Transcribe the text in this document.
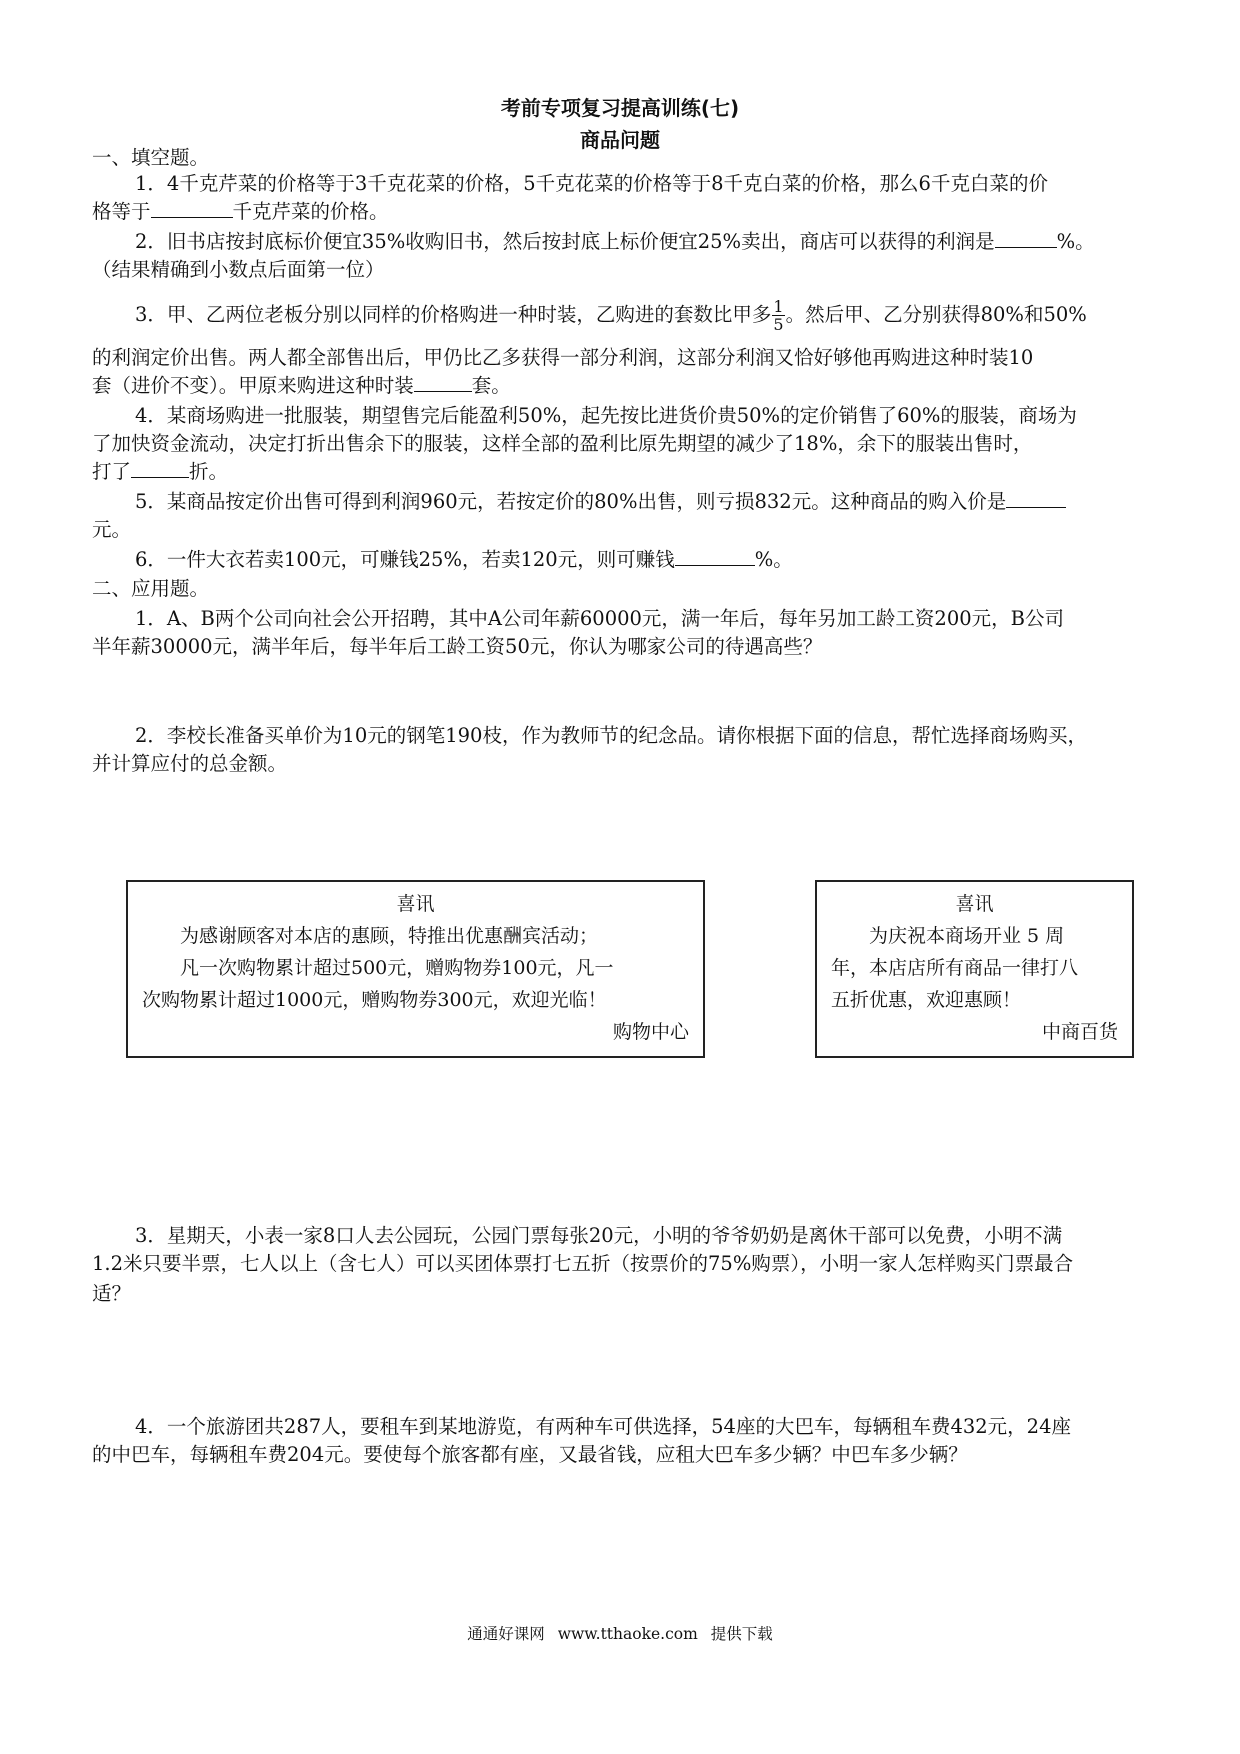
考前专项复习提高训练(七)
商品问题
一、填空题。
1．4千克芹菜的价格等于3千克花菜的价格，5千克花菜的价格等于8千克白菜的价格，那么6千克白菜的价
格等于	千克芹菜的价格。
2．旧书店按封底标价便宜35%收购旧书，然后按封底上标价便宜25%卖出，商店可以获得的利润是	%。
（结果精确到小数点后面第一位）
3．甲、乙两位老板分别以同样的价格购进一种时装，乙购进的套数比甲多 $\frac{1}{5}$ 。然后甲、乙分别获得80%和50%
的利润定价出售。两人都全部售出后，甲仍比乙多获得一部分利润，这部分利润又恰好够他再购进这种时装10
套（进价不变）。甲原来购进这种时装	套。
4．某商场购进一批服装，期望售完后能盈利50%，起先按比进货价贵50%的定价销售了60%的服装，商场为
了加快资金流动，决定打折出售余下的服装，这样全部的盈利比原先期望的减少了18%，余下的服装出售时，
打了	折。
5．某商品按定价出售可得到利润960元，若按定价的80%出售，则亏损832元。这种商品的购入价是
元。
6．一件大衣若卖100元，可赚钱25%，若卖120元，则可赚钱	%。
二、应用题。
1．A、B两个公司向社会公开招聘，其中A公司年薪60000元，满一年后，每年另加工龄工资200元，B公司
半年薪30000元，满半年后，每半年后工龄工资50元，你认为哪家公司的待遇高些？
2．李校长准备买单价为10元的钢笔190枝，作为教师节的纪念品。请你根据下面的信息，帮忙选择商场购买，
并计算应付的总金额。
喜讯
为感谢顾客对本店的惠顾，特推出优惠酬宾活动；
凡一次购物累计超过500元，赠购物券100元，凡一
次购物累计超过1000元，赠购物券300元，欢迎光临！
购物中心
喜讯
为庆祝本商场开业 5 周
年，本店店所有商品一律打八
五折优惠，欢迎惠顾！
中商百货
3．星期天，小表一家8口人去公园玩，公园门票每张20元，小明的爷爷奶奶是离休干部可以免费，小明不满
1.2米只要半票，七人以上（含七人）可以买团体票打七五折（按票价的75%购票），小明一家人怎样购买门票最合
适？
4．一个旅游团共287人，要租车到某地游览，有两种车可供选择，54座的大巴车，每辆租车费432元，24座
的中巴车，每辆租车费204元。要使每个旅客都有座，又最省钱，应租大巴车多少辆？中巴车多少辆？
通通好课网 www.tthaoke.com 提供下载
